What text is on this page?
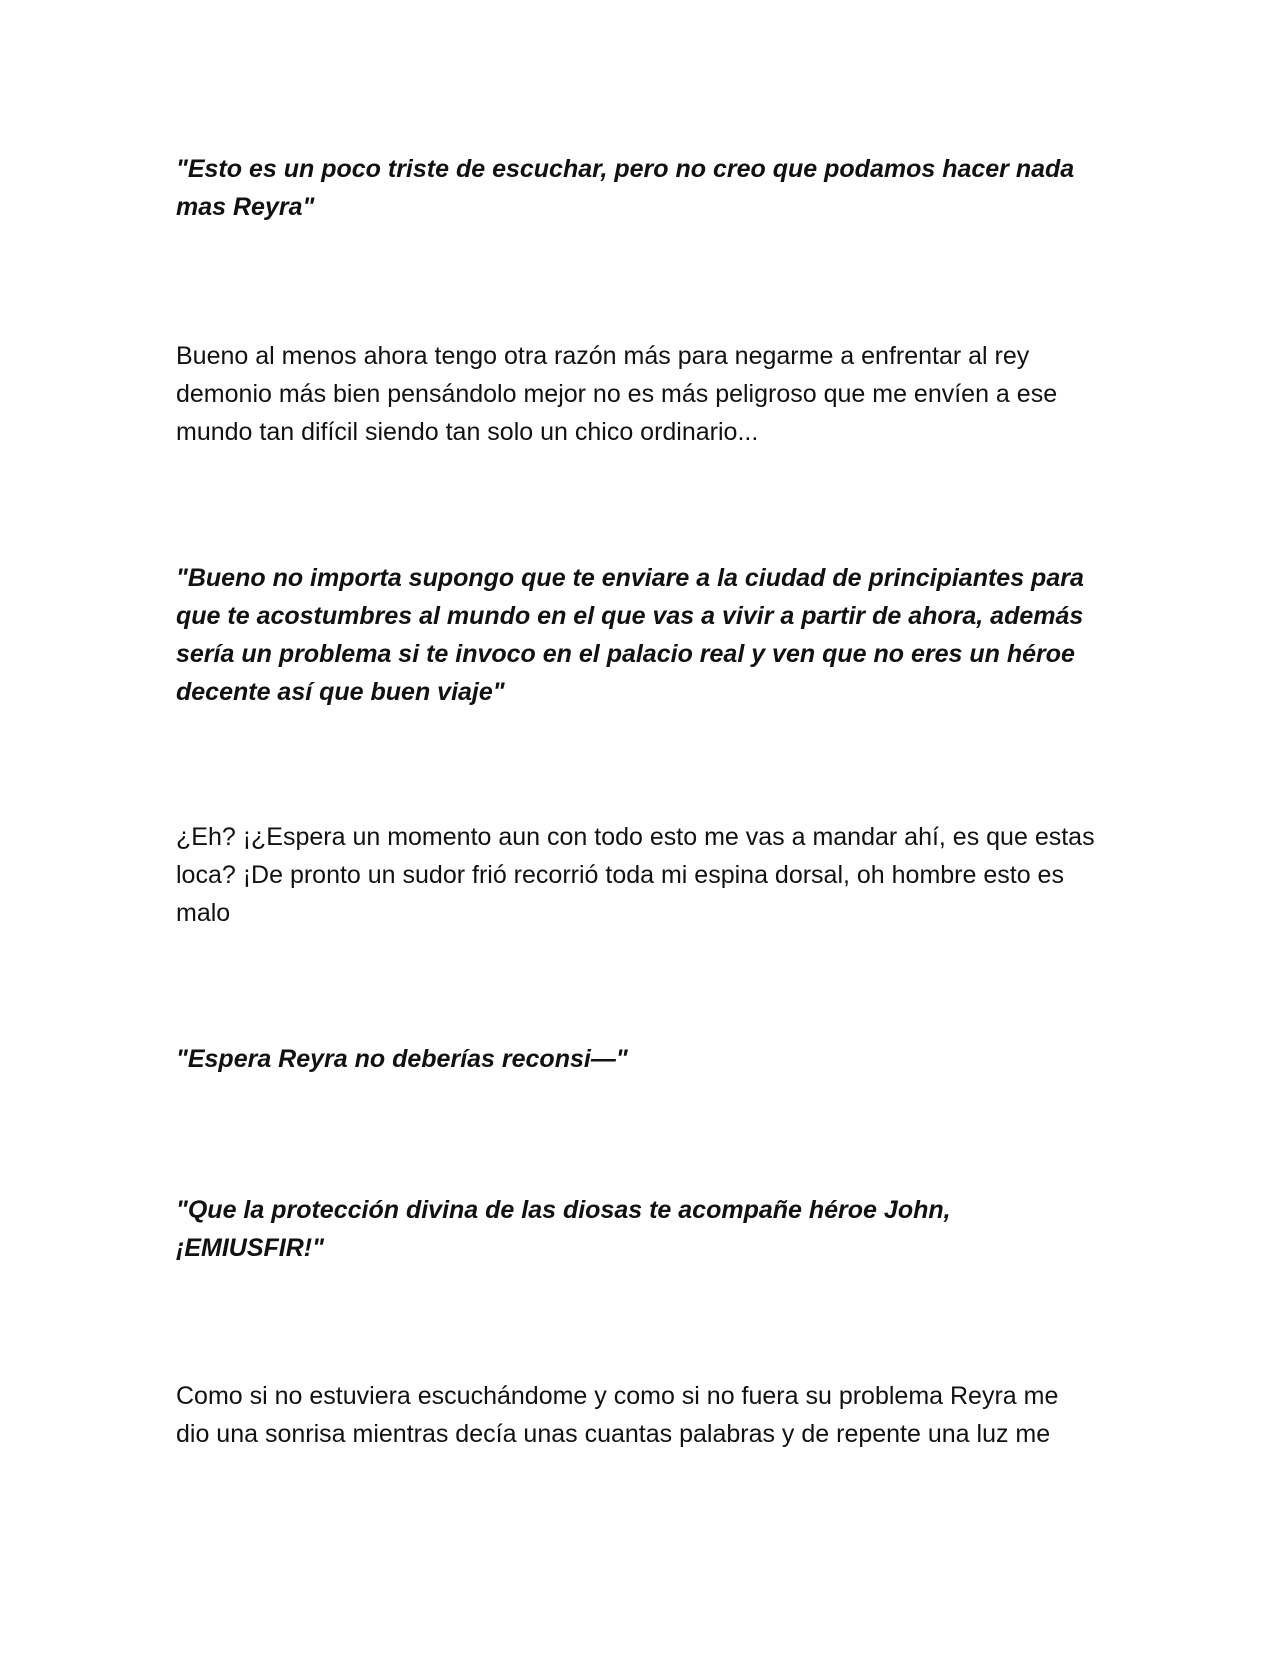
"Esto es un poco triste de escuchar, pero no creo que podamos hacer nada
mas Reyra"

Bueno al menos ahora tengo otra razón más para negarme a enfrentar al rey
demonio más bien pensándolo mejor no es más peligroso que me envíen a ese
mundo tan difícil siendo tan solo un chico ordinario...

"Bueno no importa supongo que te enviare a la ciudad de principiantes para
que te acostumbres al mundo en el que vas a vivir a partir de ahora, además
sería un problema si te invoco en el palacio real y ven que no eres un héroe
decente así que buen viaje"

¿Eh? ¡¿Espera un momento aun con todo esto me vas a mandar ahí, es que estas
loca? ¡De pronto un sudor frió recorrió toda mi espina dorsal, oh hombre esto es
malo

"Espera Reyra no deberías reconsi—"

"Que la protección divina de las diosas te acompañe héroe John,
¡EMIUSFIR!"

Como si no estuviera escuchándome y como si no fuera su problema Reyra me
dio una sonrisa mientras decía unas cuantas palabras y de repente una luz me
